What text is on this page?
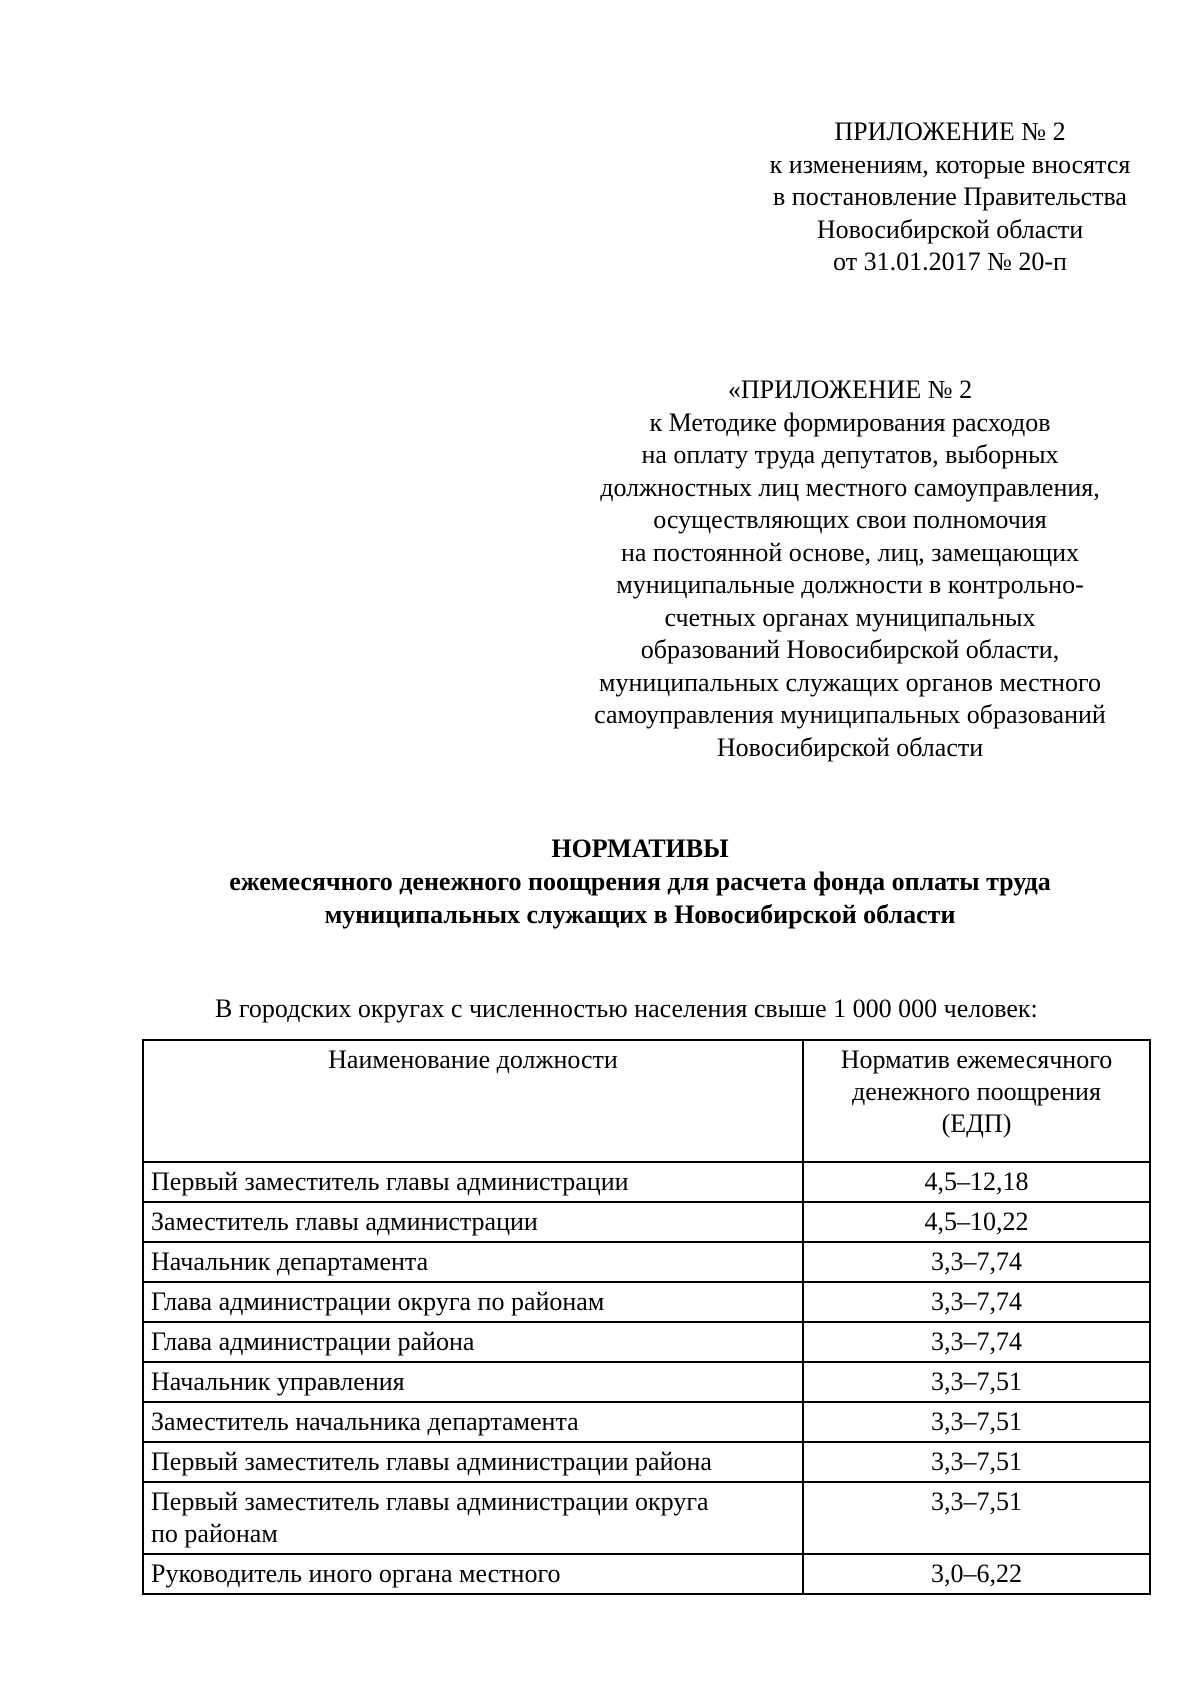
ПРИЛОЖЕНИЕ № 2
к изменениям, которые вносятся
в постановление Правительства
Новосибирской области
от 31.01.2017 № 20-п
«ПРИЛОЖЕНИЕ № 2
к Методике формирования расходов
на оплату труда депутатов, выборных
должностных лиц местного самоуправления,
осуществляющих свои полномочия
на постоянной основе, лиц, замещающих
муниципальные должности в контрольно-
счетных органах муниципальных
образований Новосибирской области,
муниципальных служащих органов местного
самоуправления муниципальных образований
Новосибирской области
НОРМАТИВЫ
ежемесячного денежного поощрения для расчета фонда оплаты труда
муниципальных служащих в Новосибирской области
В городских округах с численностью населения свыше 1 000 000 человек:
Наименование должности	Норматив ежемесячного
денежного поощрения
(ЕДП)

Первый заместитель главы администрации	4,5–12,18
Заместитель главы администрации	4,5–10,22
Начальник департамента	3,3–7,74
Глава администрации округа по районам	3,3–7,74
Глава администрации района	3,3–7,74
Начальник управления	3,3–7,51
Заместитель начальника департамента	3,3–7,51
Первый заместитель главы администрации района	3,3–7,51

Первый заместитель главы администрации округа
по районам	3,3–7,51
Руководитель иного органа местного	3,0–6,22
